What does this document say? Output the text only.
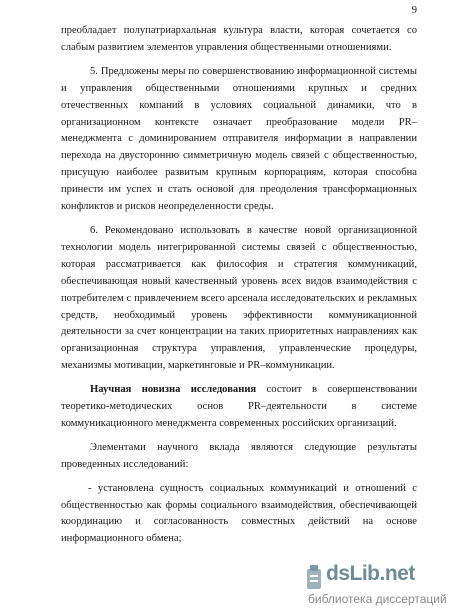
9

преобладает полупатриархальная культура власти, которая сочетается со слабым развитием элементов управления общественными отношениями.

5. Предложены меры по совершенствованию информационной системы и управления общественными отношениями крупных и средних отечественных компаний в условиях социальной динамики, что в организационном контексте означает преобразование модели PR–менеджмента с доминированием отправителя информации в направлении перехода на двусторонню симметричную модель связей с общественностью, присущую наиболее развитым крупным корпорациям, которая способна принести им успех и стать основой для преодоления трансформационных конфликтов и рисков неопределенности среды.

6. Рекомендовано использовать в качестве новой организационной технологии модель интегрированной системы связей с общественностью, которая рассматривается как философия и стратегия коммуникаций, обеспечивающая новый качественный уровень всех видов взаимодействия с потребителем с привлечением всего арсенала исследовательских и рекламных средств, необходимый уровень эффективности коммуникационной деятельности за счет концентрации на таких приоритетных направлениях как организационная структура управления, управленческие процедуры, механизмы мотивации, маркетинговые и PR–коммуникации.

Научная новизна исследования состоит в совершенствовании теоретико-методических основ PR–деятельности в системе коммуникационного менеджмента современных российских организаций.

Элементами научного вклада являются следующие результаты проведенных исследований:

- установлена сущность социальных коммуникаций и отношений с общественностью как формы социального взаимодействия, обеспечивающей координацию и согласованность совместных действий на основе информационного обмена;

dsLib.net
библиотека диссертаций
